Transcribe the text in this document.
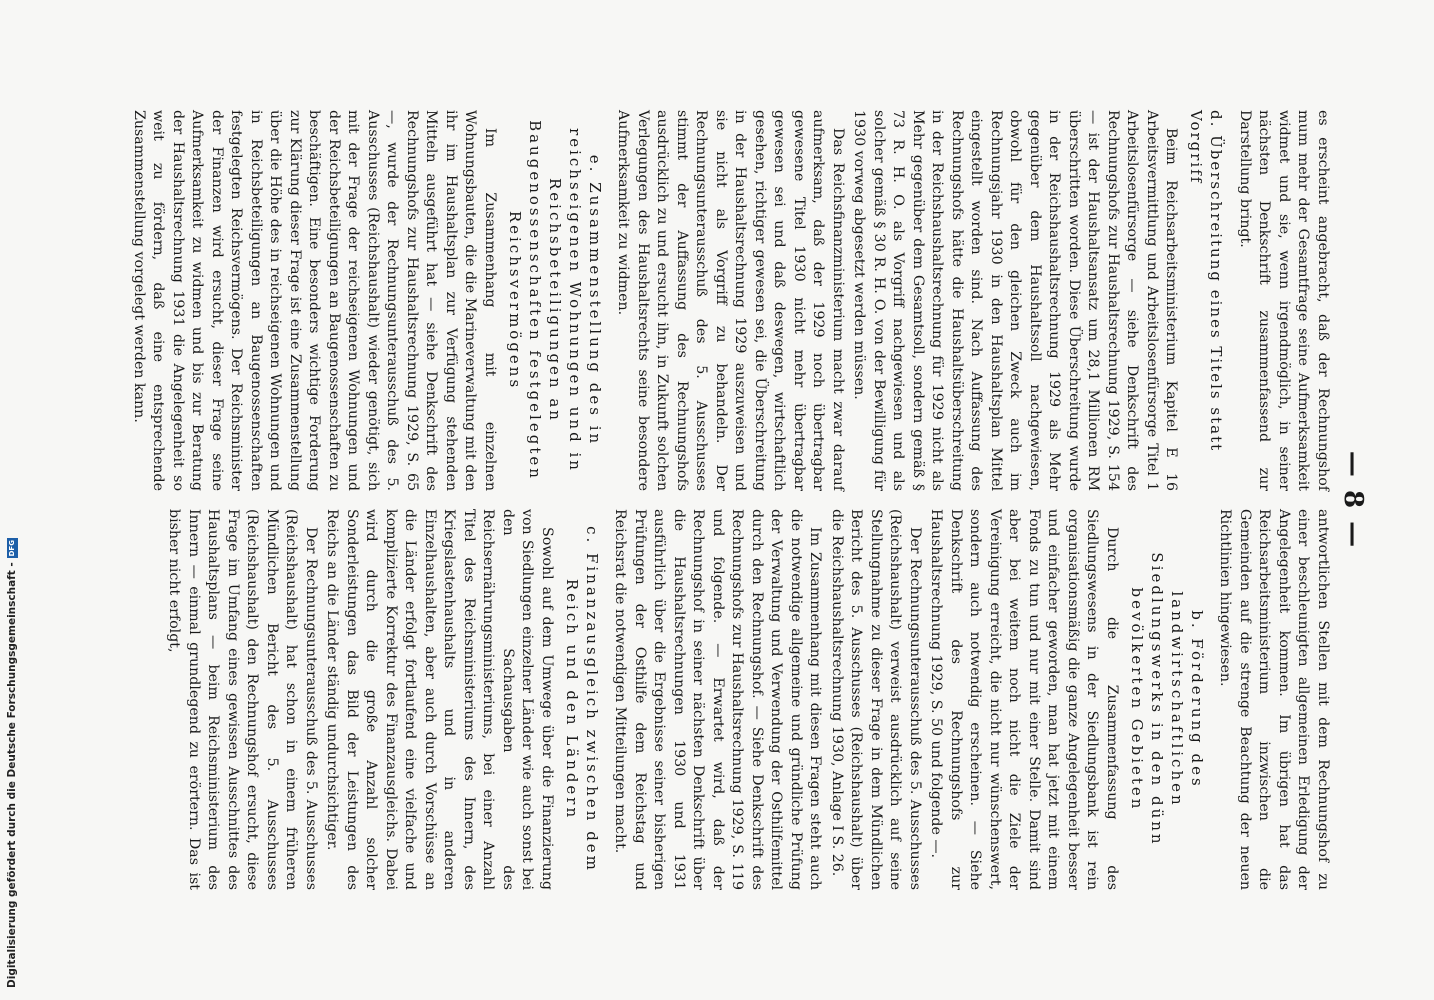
— 8 —

es erscheint angebracht, daß der Rechnungshof mum mehr der Gesamtfrage seine Aufmerksamkeit widmet und sie, wenn irgendmöglich, in seiner nächsten Denkschrift zusammenfassend zur Darstellung bringt.

d. Überschreitung eines Titels statt Vorgriff

Beim Reichsarbeitsministerium Kapitel E 16 Arbeitsvermittlung und Arbeitslosenfürsorge Titel 1 Arbeitslosenfürsorge — siehe Denkschrift des Rechnungshofs zur Haushaltsrechnung 1929, S. 154 — ist der Haushaltsansatz um 28,1 Millionen RM überschritten worden. Diese Überschreitung wurde in der Reichshaushaltsrechnung 1929 als Mehr gegenüber dem Haushaltssoll nachgewiesen, obwohl für den gleichen Zweck auch im Rechnungsjahr 1930 in den Haushaltsplan Mittel eingestellt worden sind. Nach Auffassung des Rechnungshofs hätte die Haushaltsüberschreitung in der Reichshaushaltsrechnung für 1929 nicht als Mehr gegenüber dem Gesamtsoll, sondern gemäß § 73 R. H. O. als Vorgriff nachgewiesen und als solcher gemäß § 30 R. H. O. von der Bewilligung für 1930 vorweg abgesetzt werden müssen.

Das Reichsfinanzministerium macht zwar darauf aufmerksam, daß der 1929 noch übertragbar gewesene Titel 1930 nicht mehr übertragbar gewesen sei und daß deswegen, wirtschaftlich gesehen, richtiger gewesen sei, die Überschreitung in der Haushaltsrechnung 1929 auszuweisen und sie nicht als Vorgriff zu behandeln. Der Rechnungsunterausschuß des 5. Ausschusses stimmt der Auffassung des Rechnungshofs ausdrücklich zu und ersucht ihn, in Zukunft solchen Verlegungen des Haushaltsrechts seine besondere Aufmerksamkeit zu widmen.

e. Zusammenstellung des in reichseigenen Wohnungen und in Reichsbeteiligungen an Baugenossenschaften festgelegten Reichsvermögens

Im Zusammenhang mit einzelnen Wohnungsbauten, die die Marineverwaltung mit den ihr im Haushaltsplan zur Verfügung stehenden Mitteln ausgeführt hat — siehe Denkschrift des Rechnungshofs zur Haushaltsrechnung 1929, S. 65 —, wurde der Rechnungsunterausschuß des 5. Ausschusses (Reichshaushalt) wieder genötigt, sich mit der Frage der reichseigenen Wohnungen und der Reichsbeteiligungen an Baugenossenschaften zu beschäftigen. Eine besonders wichtige Forderung zur Klärung dieser Frage ist eine Zusammenstellung über die Höhe des in reichseigenen Wohnungen und in Reichsbeteiligungen an Baugenossenschaften festgelegten Reichsvermögens. Der Reichsminister der Finanzen wird ersucht, dieser Frage seine Aufmerksamkeit zu widmen und bis zur Beratung der Haushaltsrechnung 1931 die Angelegenheit so weit zu fördern, daß eine entsprechende Zusammenstellung vorgelegt werden kann.

antwortlichen Stellen mit dem Rechnungshof zu einer beschleunigten allgemeinen Erledigung der Angelegenheit kommen. Im übrigen hat das Reichsarbeitsministerium inzwischen die Gemeinden auf die strenge Beachtung der neuen Richtlinien hingewiesen.

b. Förderung des landwirtschaftlichen Siedlungswerks in den dünn bevölkerten Gebieten

Durch die Zusammenfassung des Siedlungswesens in der Siedlungsbank ist rein organisationsmäßig die ganze Angelegenheit besser und einfacher geworden, man hat jetzt mit einem Fonds zu tun und nur mit einer Stelle. Damit sind aber bei weitem noch nicht die Ziele der Vereinigung erreicht, die nicht nur wünschenswert, sondern auch notwendig erscheinen. — Siehe Denkschrift des Rechnungshofs zur Haushaltsrechnung 1929, S. 50 und folgende —.

Der Rechnungsunterausschuß des 5. Ausschusses (Reichshaushalt) verweist ausdrücklich auf seine Stellungnahme zu dieser Frage in dem Mündlichen Bericht des 5. Ausschusses (Reichshaushalt) über die Reichshaushaltsrechnung 1930, Anlage I S. 26.

Im Zusammenhang mit diesen Fragen steht auch die notwendige allgemeine und gründliche Prüfung der Verwaltung und Verwendung der Osthilfemittel durch den Rechnungshof. — Siehe Denkschrift des Rechnungshofs zur Haushaltsrechnung 1929, S. 119 und folgende. — Erwartet wird, daß der Rechnungshof in seiner nächsten Denkschrift über die Haushaltsrechnungen 1930 und 1931 ausführlich über die Ergebnisse seiner bisherigen Prüfungen der Osthilfe dem Reichstag und Reichsrat die notwendigen Mitteilungen macht.

c. Finanzausgleich zwischen dem Reich und den Ländern

Sowohl auf dem Umwege über die Finanzierung von Siedlungen einzelner Länder wie auch sonst bei den Sachausgaben des Reichsernährungsministeriums, bei einer Anzahl Titel des Reichsministeriums des Innern, des Kriegslastenhaushalts und in anderen Einzelhaushalten, aber auch durch Vorschüsse an die Länder erfolgt fortlaufend eine vielfache und komplizierte Korrektur des Finanzausgleichs. Dabei wird durch die große Anzahl solcher Sonderleistungen das Bild der Leistungen des Reichs an die Länder ständig undurchsichtiger.

Der Rechnungsunterausschuß des 5. Ausschusses (Reichshaushalt) hat schon in einem früheren Mündlichen Bericht des 5. Ausschusses (Reichshaushalt) den Rechnungshof ersucht, diese Frage im Umfang eines gewissen Ausschnittes des Haushaltsplans — beim Reichsministerium des Innern — einmal grundlegend zu erörtern. Das ist bisher nicht erfolgt,

Digitalisierung gefördert durch die Deutsche Forschungsgemeinschaft -
DFG
